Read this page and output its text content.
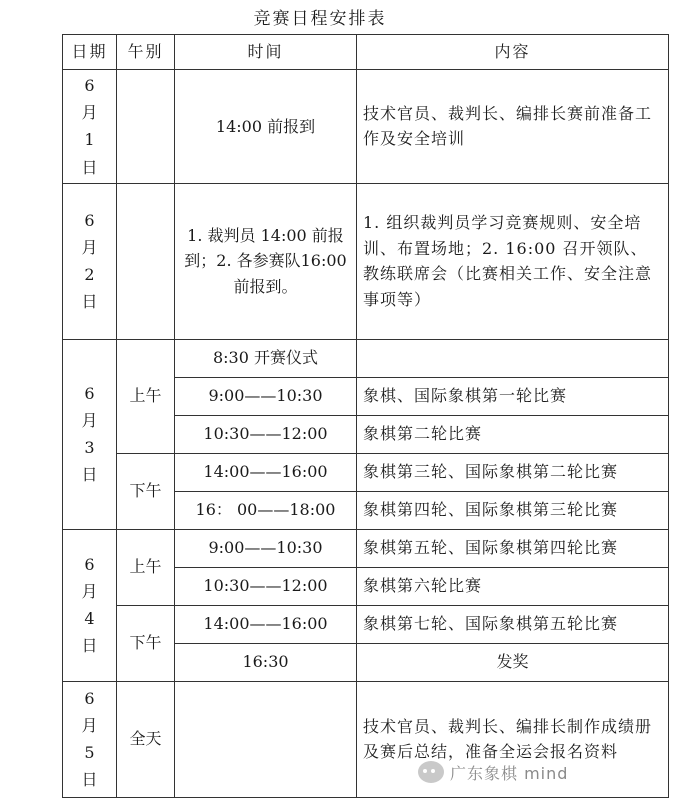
竞赛日程安排表
日期	午别	时间	内容

6
月
1
日		14:00 前报到	技术官员、裁判长、编排长赛前准备工作及安全培训

6
月
2
日		1. 裁判员 14:00 前报到；2. 各参赛队16:00 前报到。	1. 组织裁判员学习竞赛规则、安全培训、布置场地；2. 16:00 召开领队、教练联席会（比赛相关工作、安全注意事项等）

6
月
3
日	上午	8:30 开赛仪式	
		9:00——10:30	象棋、国际象棋第一轮比赛
		10:30——12:00	象棋第二轮比赛
	下午	14:00——16:00	象棋第三轮、国际象棋第二轮比赛
		16： 00——18:00	象棋第四轮、国际象棋第三轮比赛

6
月
4
日	上午	9:00——10:30	象棋第五轮、国际象棋第四轮比赛
		10:30——12:00	象棋第六轮比赛
	下午	14:00——16:00	象棋第七轮、国际象棋第五轮比赛
		16:30	发奖

6
月
5
日	全天		技术官员、裁判长、编排长制作成绩册及赛后总结，准备全运会报名资料
广东象棋 mind
